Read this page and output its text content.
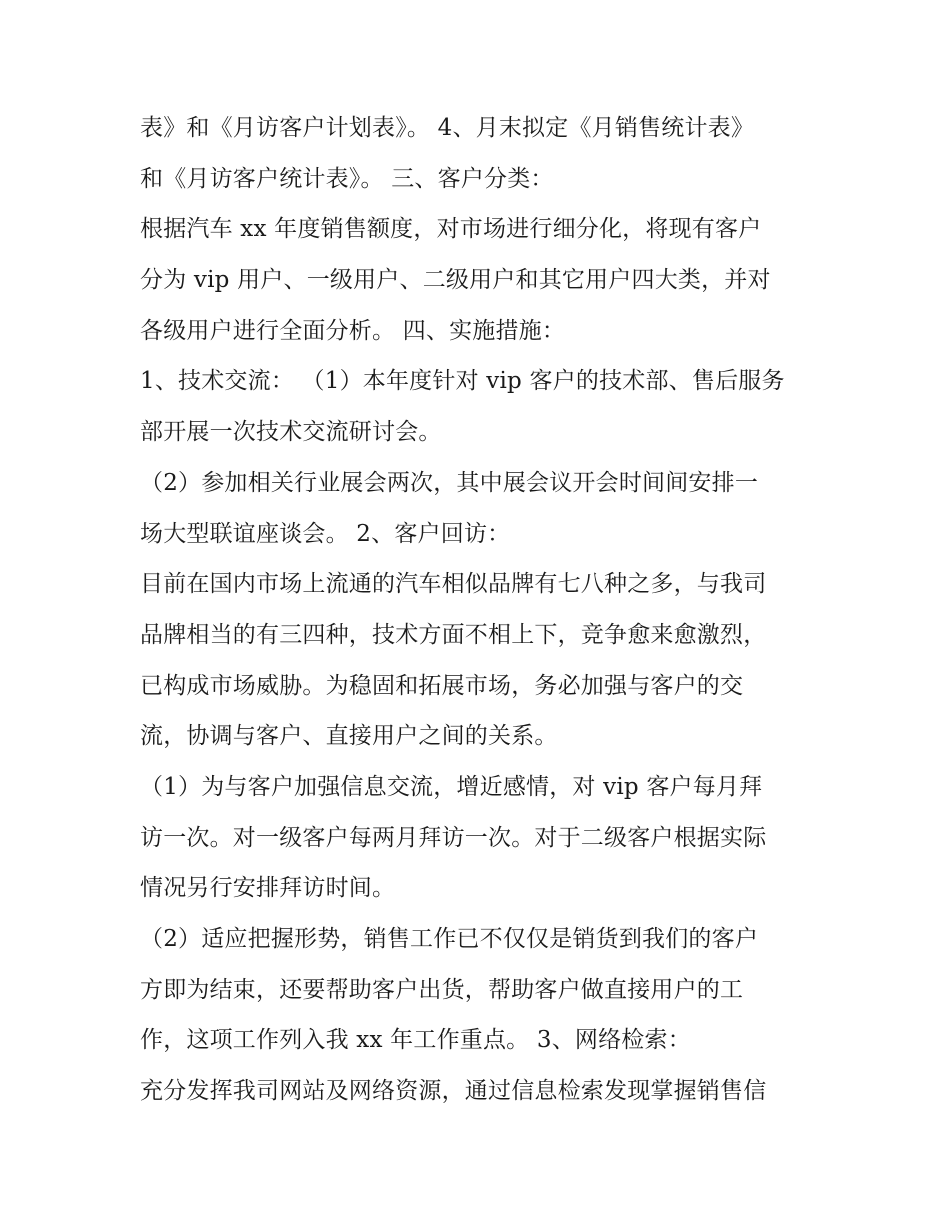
表》和《月访客户计划表》。 4、月末拟定《月销售统计表》
和《月访客户统计表》。 三、客户分类：
根据汽车 xx 年度销售额度，对市场进行细分化，将现有客户
分为 vip 用户、一级用户、二级用户和其它用户四大类，并对
各级用户进行全面分析。 四、实施措施：
1、技术交流： （1）本年度针对 vip 客户的技术部、售后服务
部开展一次技术交流研讨会。
（2）参加相关行业展会两次，其中展会议开会时间间安排一
场大型联谊座谈会。 2、客户回访：
目前在国内市场上流通的汽车相似品牌有七八种之多，与我司
品牌相当的有三四种，技术方面不相上下，竞争愈来愈激烈，
已构成市场威胁。为稳固和拓展市场，务必加强与客户的交
流，协调与客户、直接用户之间的关系。
（1）为与客户加强信息交流，增近感情，对 vip 客户每月拜
访一次。对一级客户每两月拜访一次。对于二级客户根据实际
情况另行安排拜访时间。
（2）适应把握形势，销售工作已不仅仅是销货到我们的客户
方即为结束，还要帮助客户出货，帮助客户做直接用户的工
作，这项工作列入我 xx 年工作重点。 3、网络检索：
充分发挥我司网站及网络资源，通过信息检索发现掌握销售信
